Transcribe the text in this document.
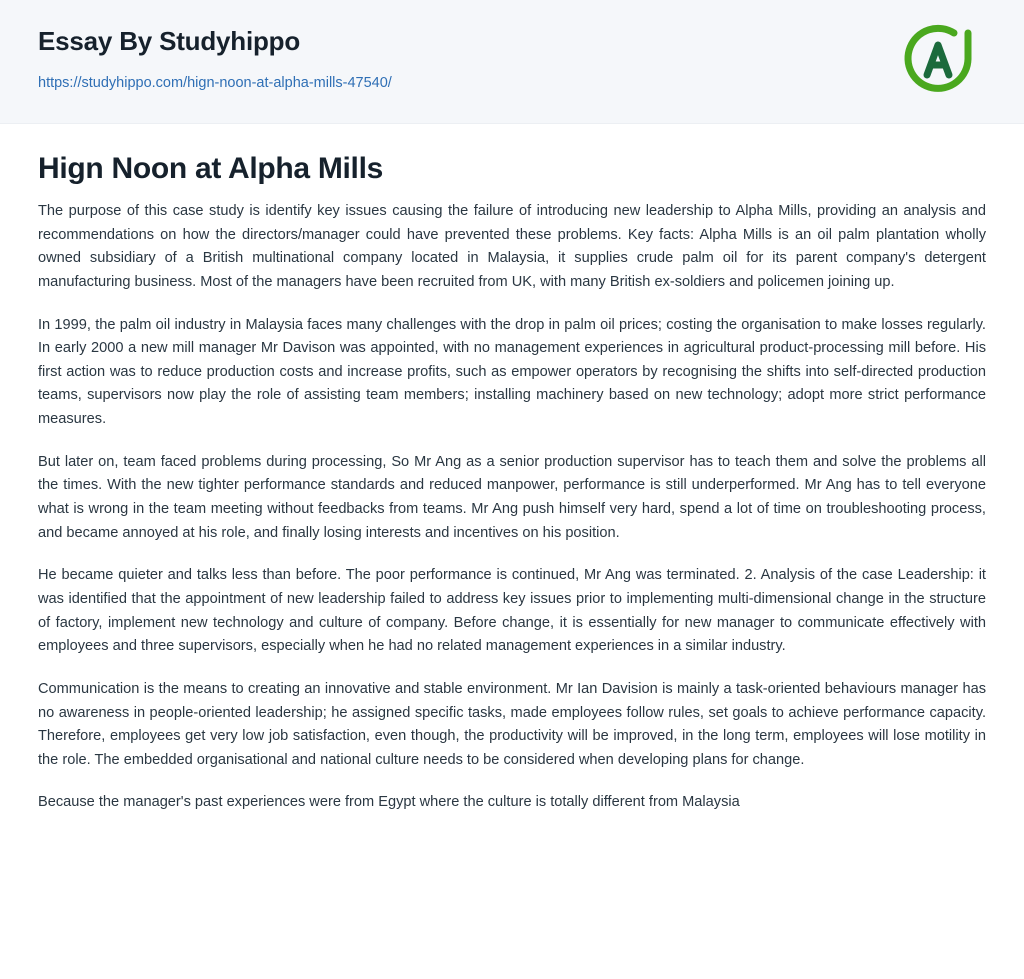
Essay By Studyhippo
https://studyhippo.com/hign-noon-at-alpha-mills-47540/
Hign Noon at Alpha Mills

The purpose of this case study is identify key issues causing the failure of introducing new leadership to Alpha Mills, providing an analysis and recommendations on how the directors/manager could have prevented these problems. Key facts: Alpha Mills is an oil palm plantation wholly owned subsidiary of a British multinational company located in Malaysia, it supplies crude palm oil for its parent company's detergent manufacturing business. Most of the managers have been recruited from UK, with many British ex-soldiers and policemen joining up.

In 1999, the palm oil industry in Malaysia faces many challenges with the drop in palm oil prices; costing the organisation to make losses regularly. In early 2000 a new mill manager Mr Davison was appointed, with no management experiences in agricultural product-processing mill before. His first action was to reduce production costs and increase profits, such as empower operators by recognising the shifts into self-directed production teams, supervisors now play the role of assisting team members; installing machinery based on new technology; adopt more strict performance measures.

But later on, team faced problems during processing, So Mr Ang as a senior production supervisor has to teach them and solve the problems all the times. With the new tighter performance standards and reduced manpower, performance is still underperformed. Mr Ang has to tell everyone what is wrong in the team meeting without feedbacks from teams. Mr Ang push himself very hard, spend a lot of time on troubleshooting process, and became annoyed at his role, and finally losing interests and incentives on his position.

He became quieter and talks less than before. The poor performance is continued, Mr Ang was terminated. 2. Analysis of the case Leadership: it was identified that the appointment of new leadership failed to address key issues prior to implementing multi-dimensional change in the structure of factory, implement new technology and culture of company. Before change, it is essentially for new manager to communicate effectively with employees and three supervisors, especially when he had no related management experiences in a similar industry.

Communication is the means to creating an innovative and stable environment. Mr Ian Davision is mainly a task-oriented behaviours manager has no awareness in people-oriented leadership; he assigned specific tasks, made employees follow rules, set goals to achieve performance capacity. Therefore, employees get very low job satisfaction, even though, the productivity will be improved, in the long term, employees will lose motility in the role. The embedded organisational and national culture needs to be considered when developing plans for change.

Because the manager's past experiences were from Egypt where the culture is totally different from Malaysia
